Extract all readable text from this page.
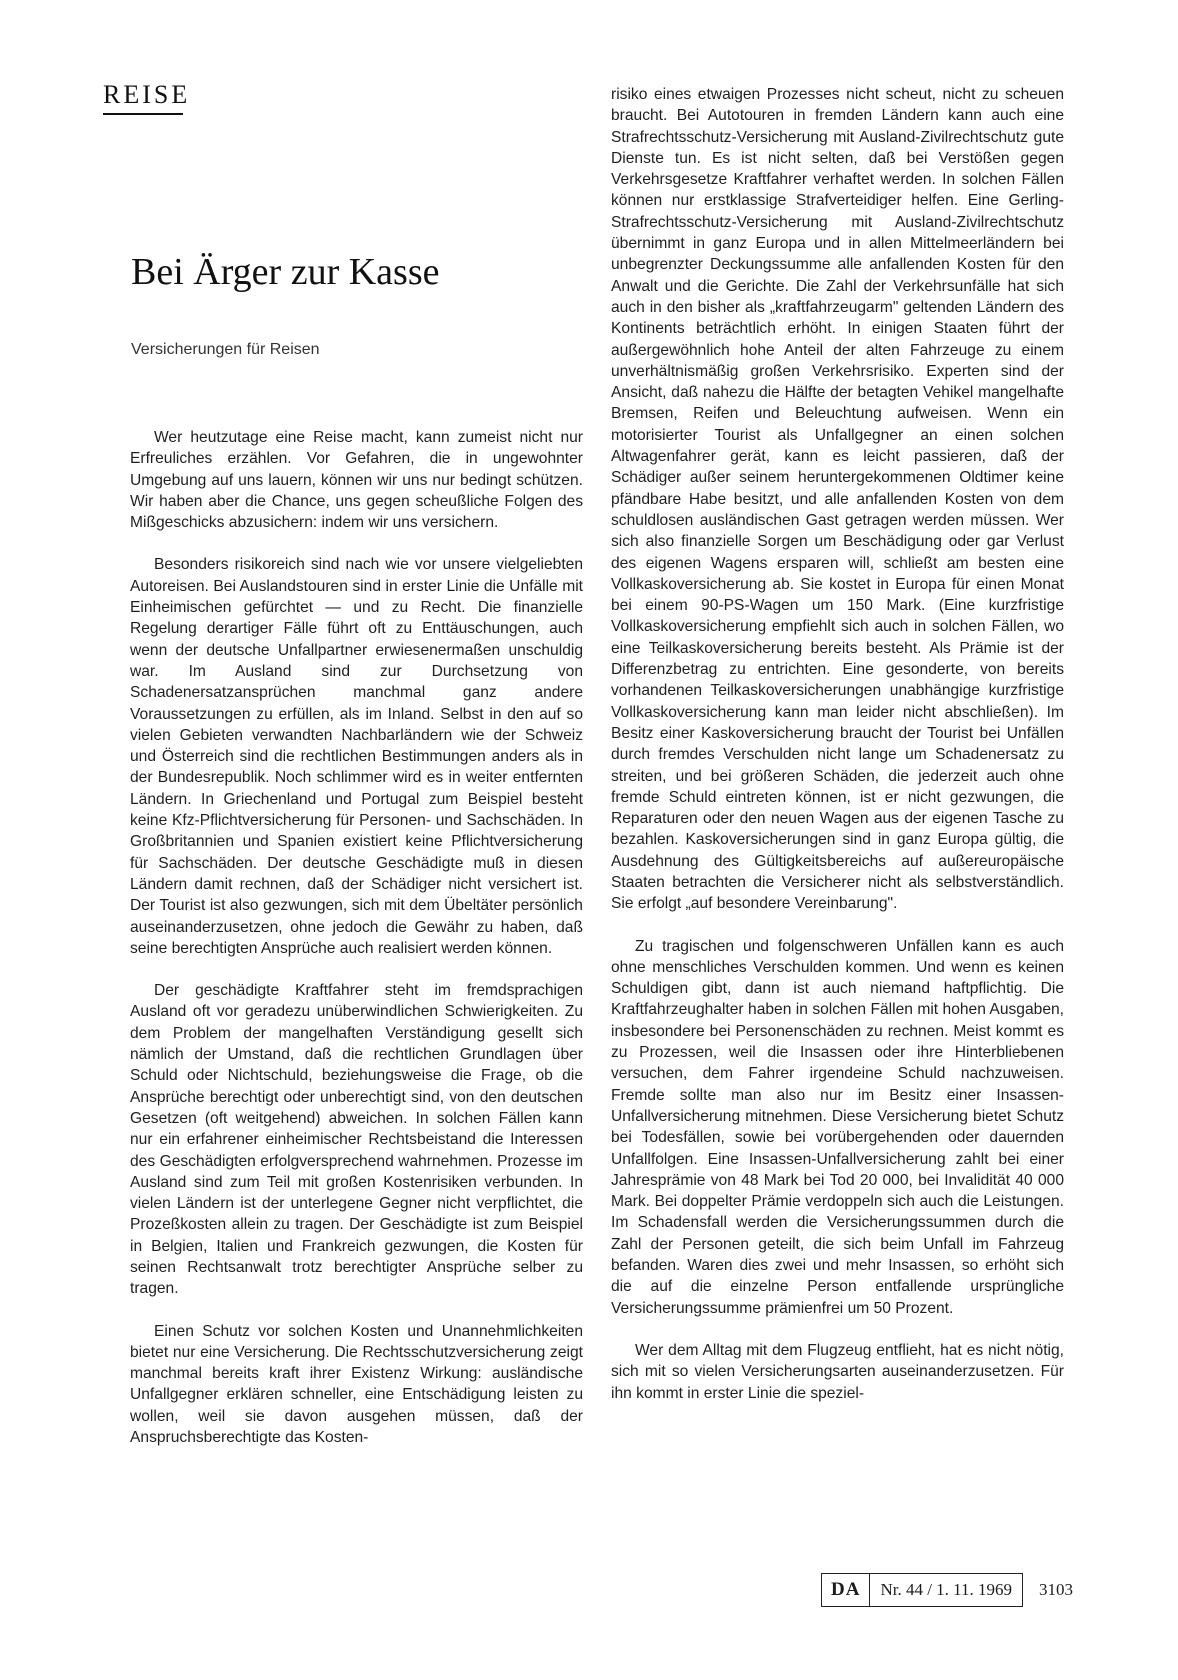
REISE
Bei Ärger zur Kasse
Versicherungen für Reisen

Wer heutzutage eine Reise macht, kann zumeist nicht nur Erfreuliches erzählen. Vor Gefahren, die in ungewohnter Umgebung auf uns lauern, können wir uns nur bedingt schützen. Wir haben aber die Chance, uns gegen scheußliche Folgen des Mißgeschicks abzusichern: indem wir uns versichern.

Besonders risikoreich sind nach wie vor unsere vielgeliebten Autoreisen. Bei Auslandstouren sind in erster Linie die Unfälle mit Einheimischen gefürchtet — und zu Recht. Die finanzielle Regelung derartiger Fälle führt oft zu Enttäuschungen, auch wenn der deutsche Unfallpartner erwiesenermaßen unschuldig war. Im Ausland sind zur Durchsetzung von Schadenersatzansprüchen manchmal ganz andere Voraussetzungen zu erfüllen, als im Inland. Selbst in den auf so vielen Gebieten verwandten Nachbarländern wie der Schweiz und Österreich sind die rechtlichen Bestimmungen anders als in der Bundesrepublik. Noch schlimmer wird es in weiter entfernten Ländern. In Griechenland und Portugal zum Beispiel besteht keine Kfz-Pflichtversicherung für Personen- und Sachschäden. In Großbritannien und Spanien existiert keine Pflichtversicherung für Sachschäden. Der deutsche Geschädigte muß in diesen Ländern damit rechnen, daß der Schädiger nicht versichert ist. Der Tourist ist also gezwungen, sich mit dem Übeltäter persönlich auseinanderzusetzen, ohne jedoch die Gewähr zu haben, daß seine berechtigten Ansprüche auch realisiert werden können.

Der geschädigte Kraftfahrer steht im fremdsprachigen Ausland oft vor geradezu unüberwindlichen Schwierigkeiten. Zu dem Problem der mangelhaften Verständigung gesellt sich nämlich der Umstand, daß die rechtlichen Grundlagen über Schuld oder Nichtschuld, beziehungsweise die Frage, ob die Ansprüche berechtigt oder unberechtigt sind, von den deutschen Gesetzen (oft weitgehend) abweichen. In solchen Fällen kann nur ein erfahrener einheimischer Rechtsbeistand die Interessen des Geschädigten erfolgversprechend wahrnehmen. Prozesse im Ausland sind zum Teil mit großen Kostenrisiken verbunden. In vielen Ländern ist der unterlegene Gegner nicht verpflichtet, die Prozeßkosten allein zu tragen. Der Geschädigte ist zum Beispiel in Belgien, Italien und Frankreich gezwungen, die Kosten für seinen Rechtsanwalt trotz berechtigter Ansprüche selber zu tragen.

Einen Schutz vor solchen Kosten und Unannehmlichkeiten bietet nur eine Versicherung. Die Rechtsschutzversicherung zeigt manchmal bereits kraft ihrer Existenz Wirkung: ausländische Unfallgegner erklären schneller, eine Entschädigung leisten zu wollen, weil sie davon ausgehen müssen, daß der Anspruchsberechtigte das Kosten-

risiko eines etwaigen Prozesses nicht scheut, nicht zu scheuen braucht. Bei Autotouren in fremden Ländern kann auch eine Strafrechtsschutz-Versicherung mit Ausland-Zivilrechtschutz gute Dienste tun. Es ist nicht selten, daß bei Verstößen gegen Verkehrsgesetze Kraftfahrer verhaftet werden. In solchen Fällen können nur erstklassige Strafverteidiger helfen. Eine Gerling-Strafrechtsschutz-Versicherung mit Ausland-Zivilrechtschutz übernimmt in ganz Europa und in allen Mittelmeerländern bei unbegrenzter Deckungssumme alle anfallenden Kosten für den Anwalt und die Gerichte. Die Zahl der Verkehrsunfälle hat sich auch in den bisher als „kraftfahrzeugarm" geltenden Ländern des Kontinents beträchtlich erhöht. In einigen Staaten führt der außergewöhnlich hohe Anteil der alten Fahrzeuge zu einem unverhältnismäßig großen Verkehrsrisiko. Experten sind der Ansicht, daß nahezu die Hälfte der betagten Vehikel mangelhafte Bremsen, Reifen und Beleuchtung aufweisen. Wenn ein motorisierter Tourist als Unfallgegner an einen solchen Altwagenfahrer gerät, kann es leicht passieren, daß der Schädiger außer seinem heruntergekommenen Oldtimer keine pfändbare Habe besitzt, und alle anfallenden Kosten von dem schuldlosen ausländischen Gast getragen werden müssen. Wer sich also finanzielle Sorgen um Beschädigung oder gar Verlust des eigenen Wagens ersparen will, schließt am besten eine Vollkaskoversicherung ab. Sie kostet in Europa für einen Monat bei einem 90-PS-Wagen um 150 Mark. (Eine kurzfristige Vollkaskoversicherung empfiehlt sich auch in solchen Fällen, wo eine Teilkaskoversicherung bereits besteht. Als Prämie ist der Differenzbetrag zu entrichten. Eine gesonderte, von bereits vorhandenen Teilkaskoversicherungen unabhängige kurzfristige Vollkaskoversicherung kann man leider nicht abschließen). Im Besitz einer Kaskoversicherung braucht der Tourist bei Unfällen durch fremdes Verschulden nicht lange um Schadenersatz zu streiten, und bei größeren Schäden, die jederzeit auch ohne fremde Schuld eintreten können, ist er nicht gezwungen, die Reparaturen oder den neuen Wagen aus der eigenen Tasche zu bezahlen. Kaskoversicherungen sind in ganz Europa gültig, die Ausdehnung des Gültigkeitsbereichs auf außereuropäische Staaten betrachten die Versicherer nicht als selbstverständlich. Sie erfolgt „auf besondere Vereinbarung".

Zu tragischen und folgenschweren Unfällen kann es auch ohne menschliches Verschulden kommen. Und wenn es keinen Schuldigen gibt, dann ist auch niemand haftpflichtig. Die Kraftfahrzeughalter haben in solchen Fällen mit hohen Ausgaben, insbesondere bei Personenschäden zu rechnen. Meist kommt es zu Prozessen, weil die Insassen oder ihre Hinterbliebenen versuchen, dem Fahrer irgendeine Schuld nachzuweisen. Fremde sollte man also nur im Besitz einer Insassen-Unfallversicherung mitnehmen. Diese Versicherung bietet Schutz bei Todesfällen, sowie bei vorübergehenden oder dauernden Unfallfolgen. Eine Insassen-Unfallversicherung zahlt bei einer Jahresprämie von 48 Mark bei Tod 20 000, bei Invalidität 40 000 Mark. Bei doppelter Prämie verdoppeln sich auch die Leistungen. Im Schadensfall werden die Versicherungssummen durch die Zahl der Personen geteilt, die sich beim Unfall im Fahrzeug befanden. Waren dies zwei und mehr Insassen, so erhöht sich die auf die einzelne Person entfallende ursprüngliche Versicherungssumme prämienfrei um 50 Prozent.

Wer dem Alltag mit dem Flugzeug entflieht, hat es nicht nötig, sich mit so vielen Versicherungsarten auseinanderzusetzen. Für ihn kommt in erster Linie die speziel-

DA	Nr. 44 / 1. 11. 1969	3103
